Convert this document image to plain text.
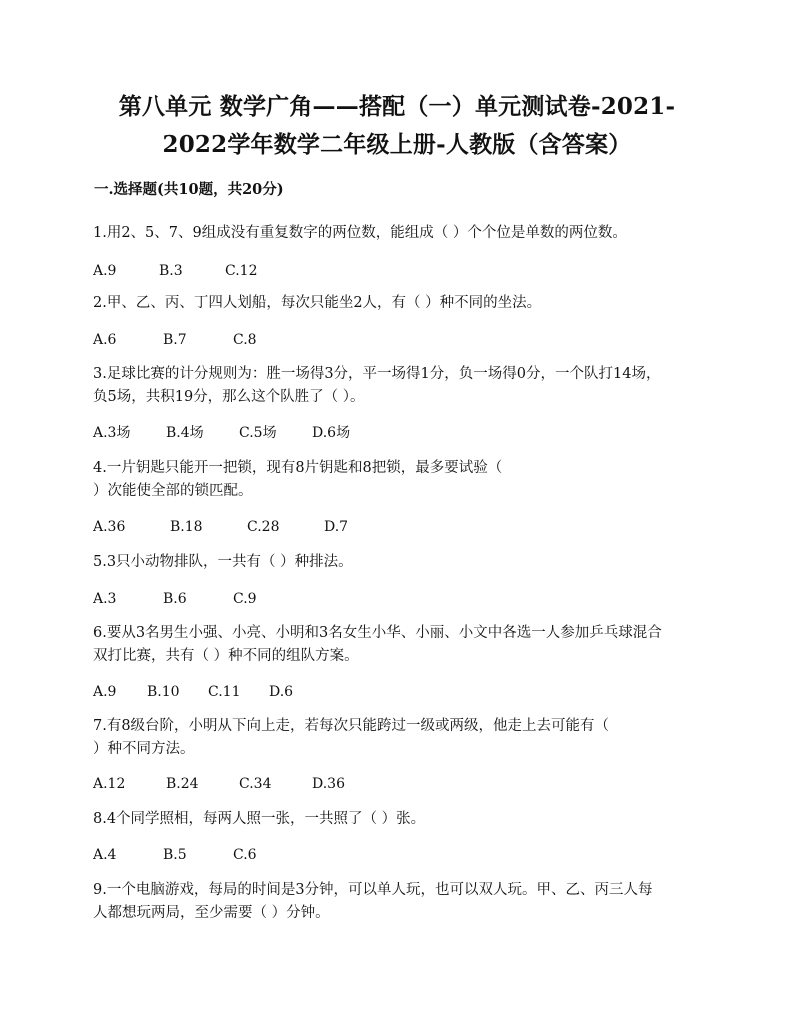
第八单元 数学广角——搭配（一）单元测试卷-2021-
2022学年数学二年级上册-人教版（含答案）
一.选择题(共10题，共20分)
1.用2、5、7、9组成没有重复数字的两位数，能组成（ ）个个位是单数的两位数。
A.9	B.3	C.12
2.甲、乙、丙、丁四人划船，每次只能坐2人，有（ ）种不同的坐法。
A.6	B.7	C.8
3.足球比赛的计分规则为：胜一场得3分，平一场得1分，负一场得0分，一个队打14场，
负5场，共积19分，那么这个队胜了（ ）。
A.3场	B.4场	C.5场	D.6场
4.一片钥匙只能开一把锁，现有8片钥匙和8把锁，最多要试验（
）次能使全部的锁匹配。
A.36	B.18	C.28	D.7
5.3只小动物排队，一共有（ ）种排法。
A.3	B.6	C.9
6.要从3名男生小强、小亮、小明和3名女生小华、小丽、小文中各选一人参加乒乓球混合
双打比赛，共有（ ）种不同的组队方案。
A.9 B.10 C.11 D.6
7.有8级台阶，小明从下向上走，若每次只能跨过一级或两级，他走上去可能有（
）种不同方法。
A.12	B.24	C.34	D.36
8.4个同学照相，每两人照一张，一共照了（ ）张。
A.4	B.5	C.6
9.一个电脑游戏，每局的时间是3分钟，可以单人玩，也可以双人玩。甲、乙、丙三人每
人都想玩两局，至少需要（ ）分钟。
